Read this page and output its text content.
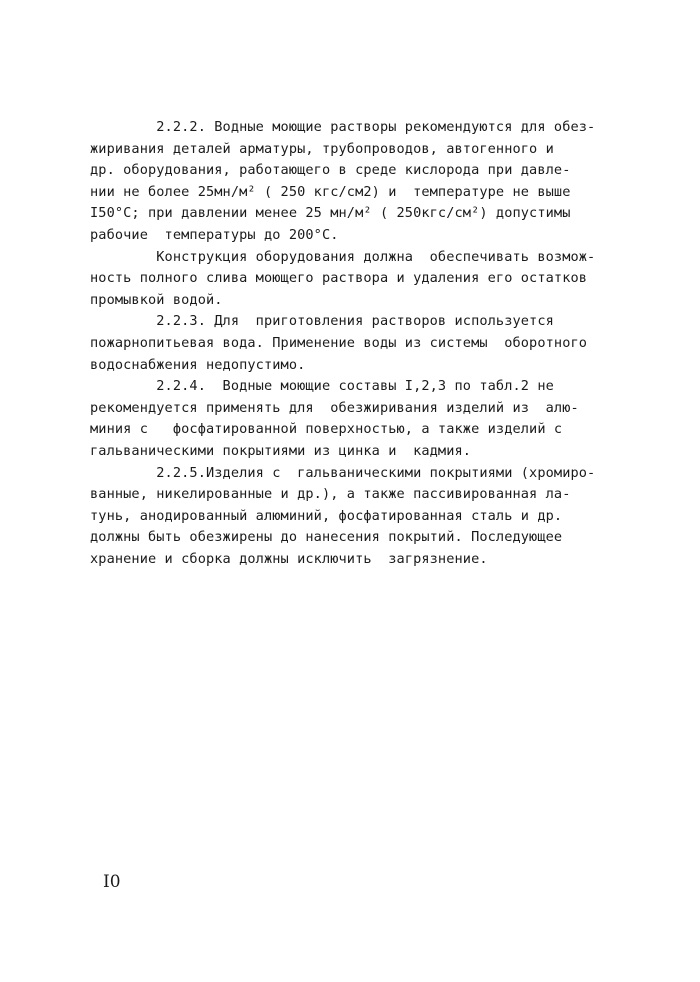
2.2.2. Водные моющие растворы рекомендуются для обез-
жиривания деталей арматуры, трубопроводов, автогенного и
др. оборудования, работающего в среде кислорода при давле-
нии не более 25мн/м² ( 250 кгс/см2) и  температуре не выше
I50°C; при давлении менее 25 мн/м² ( 250кгс/см²) допустимы
рабочие  температуры до 200°C.
Конструкция оборудования должна  обеспечивать возмож-
ность полного слива моющего раствора и удаления его остатков
промывкой водой.
2.2.3. Для  приготовления растворов используется
пожарнопитьевая вода. Применение воды из системы  оборотного
водоснабжения недопустимо.
2.2.4.  Водные моющие составы I,2,3 по табл.2 не
рекомендуется применять для  обезжиривания изделий из  алю-
миния с   фосфатированной поверхностью, а также изделий с
гальваническими покрытиями из цинка и  кадмия.
2.2.5.Изделия с  гальваническими покрытиями (хромиро-
ванные, никелированные и др.), а также пассивированная ла-
тунь, анодированный алюминий, фосфатированная сталь и др.
должны быть обезжирены до нанесения покрытий. Последующее
хранение и сборка должны исключить  загрязнение.
I0
